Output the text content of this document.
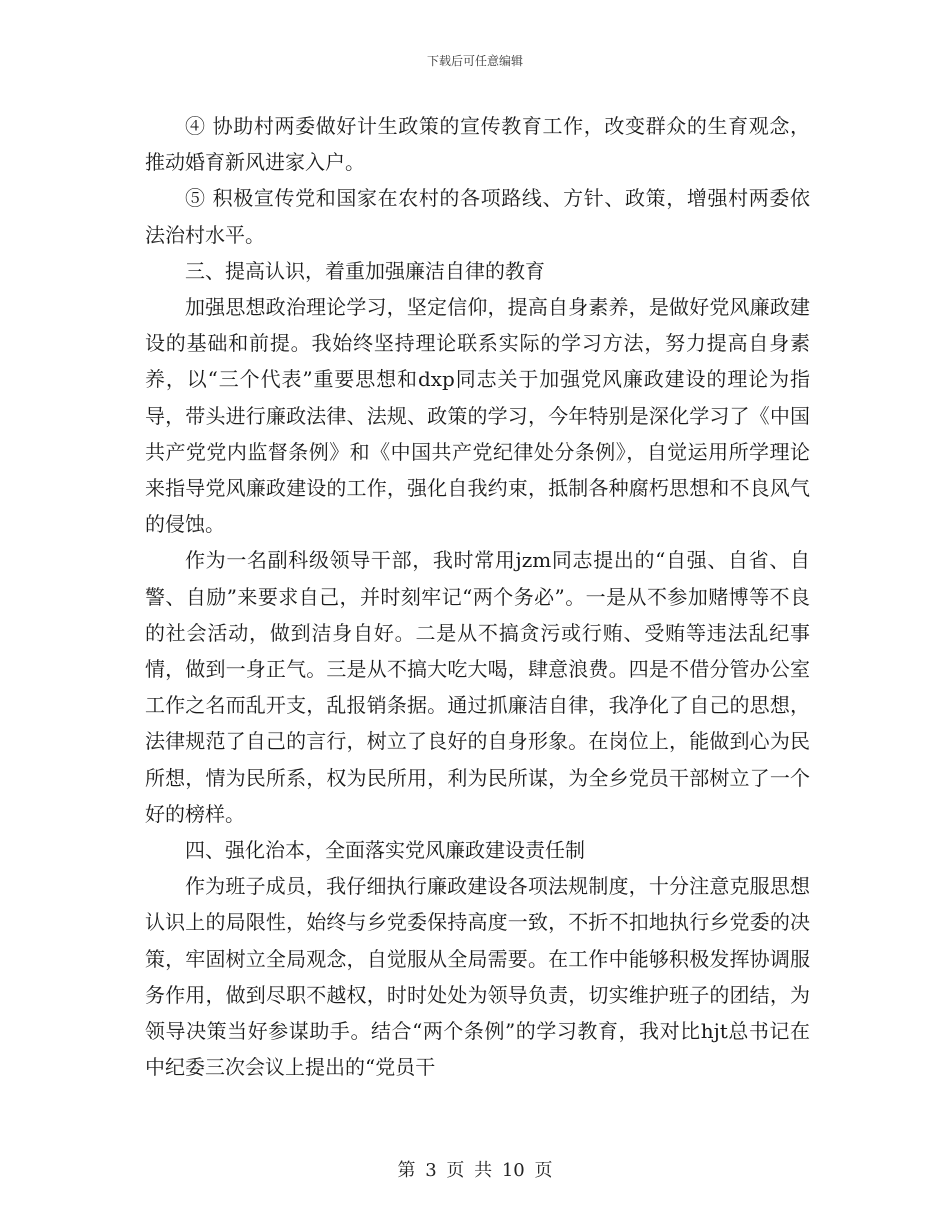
下载后可任意编辑

④ 协助村两委做好计生政策的宣传教育工作，改变群众的生育观念，推动婚育新风进家入户。

⑤ 积极宣传党和国家在农村的各项路线、方针、政策，增强村两委依法治村水平。

三、提高认识，着重加强廉洁自律的教育

加强思想政治理论学习，坚定信仰，提高自身素养，是做好党风廉政建设的基础和前提。我始终坚持理论联系实际的学习方法，努力提高自身素养，以“三个代表”重要思想和dxp同志关于加强党风廉政建设的理论为指导，带头进行廉政法律、法规、政策的学习，今年特别是深化学习了《中国共产党党内监督条例》和《中国共产党纪律处分条例》，自觉运用所学理论来指导党风廉政建设的工作，强化自我约束，抵制各种腐朽思想和不良风气的侵蚀。

作为一名副科级领导干部，我时常用jzm同志提出的“自强、自省、自警、自励”来要求自己，并时刻牢记“两个务必”。一是从不参加赌博等不良的社会活动，做到洁身自好。二是从不搞贪污或行贿、受贿等违法乱纪事情，做到一身正气。三是从不搞大吃大喝，肆意浪费。四是不借分管办公室工作之名而乱开支，乱报销条据。通过抓廉洁自律，我净化了自己的思想，法律规范了自己的言行，树立了良好的自身形象。在岗位上，能做到心为民所想，情为民所系，权为民所用，利为民所谋，为全乡党员干部树立了一个好的榜样。

四、强化治本，全面落实党风廉政建设责任制

作为班子成员，我仔细执行廉政建设各项法规制度，十分注意克服思想认识上的局限性，始终与乡党委保持高度一致，不折不扣地执行乡党委的决策，牢固树立全局观念，自觉服从全局需要。在工作中能够积极发挥协调服务作用，做到尽职不越权，时时处处为领导负责，切实维护班子的团结，为领导决策当好参谋助手。结合“两个条例”的学习教育，我对比hjt总书记在中纪委三次会议上提出的“党员干

第 3 页 共 10 页
